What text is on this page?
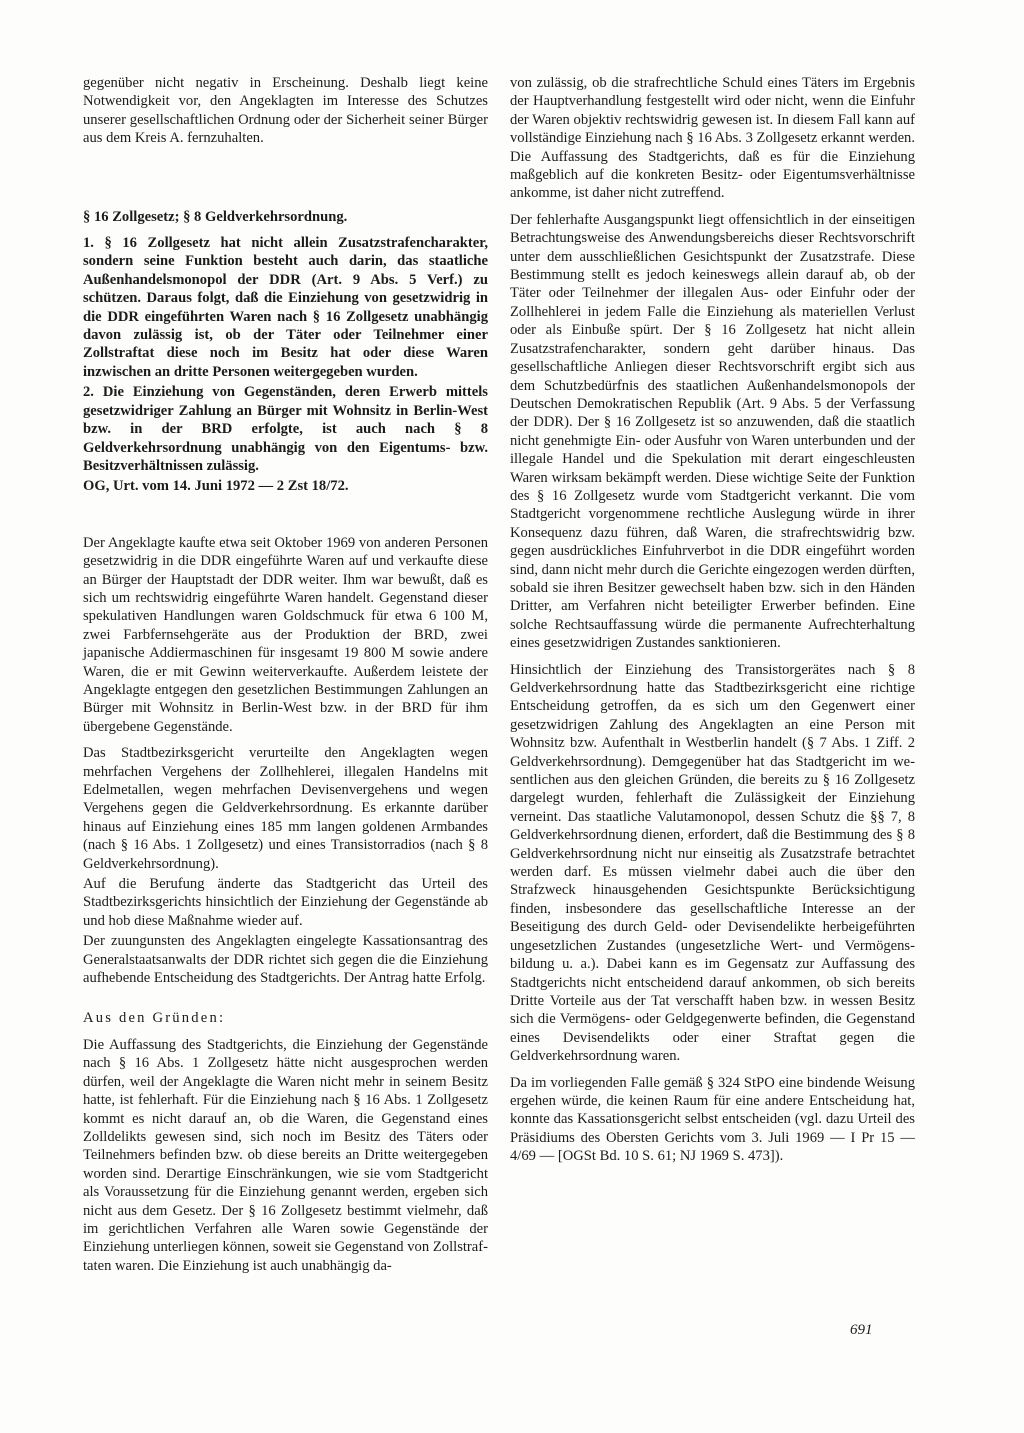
gegenüber nicht negativ in Erscheinung. Deshalb liegt keine Notwendigkeit vor, den Angeklagten im Interesse des Schutzes unserer gesellschaftlichen Ordnung oder der Sicherheit seiner Bürger aus dem Kreis A. fernzuhalten.

§ 16 Zollgesetz; § 8 Geldverkehrsordnung.

1. § 16 Zollgesetz hat nicht allein Zusatzstrafencharakter, sondern seine Funktion besteht auch darin, das staatliche Außenhandelsmonopol der DDR (Art. 9 Abs. 5 Verf.) zu schützen. Daraus folgt, daß die Einziehung von gesetzwidrig in die DDR eingeführten Waren nach § 16 Zollgesetz unabhängig davon zulässig ist, ob der Täter oder Teilnehmer einer Zollstraftat diese noch im Besitz hat oder diese Waren inzwischen an dritte Personen weitergegeben wurden.

2. Die Einziehung von Gegenständen, deren Erwerb mittels gesetzwidriger Zahlung an Bürger mit Wohnsitz in Berlin-West bzw. in der BRD erfolgte, ist auch nach § 8 Geldverkehrsordnung unabhängig von den Eigentums- bzw. Besitzverhältnissen zulässig.

OG, Urt. vom 14. Juni 1972 — 2 Zst 18/72.

Der Angeklagte kaufte etwa seit Oktober 1969 von anderen Personen gesetzwidrig in die DDR eingeführte Waren auf und verkaufte diese an Bürger der Hauptstadt der DDR weiter. Ihm war bewußt, daß es sich um rechtswidrig eingeführte Waren handelt. Gegenstand dieser spekulativen Handlungen waren Goldschmuck für etwa 6 100 M, zwei Farbfernsehgeräte aus der Produktion der BRD, zwei japanische Addiermaschinen für insgesamt 19 800 M sowie andere Waren, die er mit Gewinn weiterverkaufte. Außerdem leistete der Angeklagte entgegen den gesetzlichen Bestimmungen Zahlungen an Bürger mit Wohnsitz in Berlin-West bzw. in der BRD für ihm übergebene Gegenstände.

Das Stadtbezirksgericht verurteilte den Angeklagten wegen mehrfachen Vergehens der Zollhehlerei, illegalen Handelns mit Edelmetallen, wegen mehrfachen Devisenvergehens und wegen Vergehens gegen die Geldverkehrsordnung. Es erkannte darüber hinaus auf Einziehung eines 185 mm langen goldenen Armbandes (nach § 16 Abs. 1 Zollgesetz) und eines Transistorradios (nach § 8 Geldverkehrsordnung).

Auf die Berufung änderte das Stadtgericht das Urteil des Stadtbezirksgerichts hinsichtlich der Einziehung der Gegenstände ab und hob diese Maßnahme wieder auf.

Der zuungunsten des Angeklagten eingelegte Kassationsantrag des Generalstaatsanwalts der DDR richtet sich gegen die die Einziehung aufhebende Entscheidung des Stadtgerichts. Der Antrag hatte Erfolg.

Aus den Gründen:

Die Auffassung des Stadtgerichts, die Einziehung der Gegenstände nach § 16 Abs. 1 Zollgesetz hätte nicht ausgesprochen werden dürfen, weil der Angeklagte die Waren nicht mehr in seinem Besitz hatte, ist fehlerhaft. Für die Einziehung nach § 16 Abs. 1 Zollgesetz kommt es nicht darauf an, ob die Waren, die Gegenstand eines Zolldelikts gewesen sind, sich noch im Besitz des Täters oder Teilnehmers befinden bzw. ob diese bereits an Dritte weitergegeben worden sind. Derartige Einschränkungen, wie sie vom Stadtgericht als Voraussetzung für die Einziehung genannt werden, ergeben sich nicht aus dem Gesetz. Der § 16 Zollgesetz bestimmt vielmehr, daß im gerichtlichen Verfahren alle Waren sowie Gegenstände der Einziehung unterliegen können, soweit sie Gegenstand von Zollstraftaten waren. Die Einziehung ist auch unabhängig da-

von zulässig, ob die strafrechtliche Schuld eines Täters im Ergebnis der Hauptverhandlung festgestellt wird oder nicht, wenn die Einfuhr der Waren objektiv rechtswidrig gewesen ist. In diesem Fall kann auf vollständige Einziehung nach § 16 Abs. 3 Zollgesetz erkannt werden. Die Auffassung des Stadtgerichts, daß es für die Einziehung maßgeblich auf die konkreten Besitz- oder Eigentumsverhältnisse ankomme, ist daher nicht zutreffend.

Der fehlerhafte Ausgangspunkt liegt offensichtlich in der einseitigen Betrachtungsweise des Anwendungsbereichs dieser Rechtsvorschrift unter dem ausschließlichen Gesichtspunkt der Zusatzstrafe. Diese Bestimmung stellt es jedoch keineswegs allein darauf ab, ob der Täter oder Teilnehmer der illegalen Aus- oder Einfuhr oder der Zollhehlerei in jedem Falle die Einziehung als materiellen Verlust oder als Einbuße spürt. Der § 16 Zollgesetz hat nicht allein Zusatzstrafencharakter, sondern geht darüber hinaus. Das gesellschaftliche Anliegen dieser Rechtsvorschrift ergibt sich aus dem Schutzbedürfnis des staatlichen Außenhandelsmonopols der Deutschen Demokratischen Republik (Art. 9 Abs. 5 der Verfassung der DDR). Der § 16 Zollgesetz ist so anzuwenden, daß die staatlich nicht genehmigte Ein- oder Ausfuhr von Waren unterbunden und der illegale Handel und die Spekulation mit derart eingeschleusten Waren wirksam bekämpft werden. Diese wichtige Seite der Funktion des § 16 Zollgesetz wurde vom Stadtgericht verkannt. Die vom Stadtgericht vorgenommene rechtliche Auslegung würde in ihrer Konsequenz dazu führen, daß Waren, die strafrechtswidrig bzw. gegen ausdrückliches Einfuhrverbot in die DDR eingeführt worden sind, dann nicht mehr durch die Gerichte eingezogen werden dürften, sobald sie ihren Besitzer gewechselt haben bzw. sich in den Händen Dritter, am Verfahren nicht beteiligter Erwerber befinden. Eine solche Rechtsauffassung würde die permanente Aufrechterhaltung eines gesetzwidrigen Zustandes sanktionieren.

Hinsichtlich der Einziehung des Transistorgerätes nach § 8 Geldverkehrsordnung hatte das Stadtbezirksgericht eine richtige Entscheidung getroffen, da es sich um den Gegenwert einer gesetzwidrigen Zahlung des Angeklagten an eine Person mit Wohnsitz bzw. Aufenthalt in Westberlin handelt (§ 7 Abs. 1 Ziff. 2 Geldverkehrsordnung). Demgegenüber hat das Stadtgericht im wesentlichen aus den gleichen Gründen, die bereits zu § 16 Zollgesetz dargelegt wurden, fehlerhaft die Zulässigkeit der Einziehung verneint. Das staatliche Valutamonopol, dessen Schutz die §§ 7, 8 Geldverkehrsordnung dienen, erfordert, daß die Bestimmung des § 8 Geldverkehrsordnung nicht nur einseitig als Zusatzstrafe betrachtet werden darf. Es müssen vielmehr dabei auch die über den Strafzweck hinausgehenden Gesichtspunkte Berücksichtigung finden, insbesondere das gesellschaftliche Interesse an der Beseitigung des durch Geld- oder Devisendelikte herbeigeführten ungesetzlichen Zustandes (ungesetzliche Wert- und Vermögensbildung u. a.). Dabei kann es im Gegensatz zur Auffassung des Stadtgerichts nicht entscheidend darauf ankommen, ob sich bereits Dritte Vorteile aus der Tat verschafft haben bzw. in wessen Besitz sich die Vermögens- oder Geldgegenwerte befinden, die Gegenstand eines Devisendelikts oder einer Straftat gegen die Geldverkehrsordnung waren.

Da im vorliegenden Falle gemäß § 324 StPO eine bindende Weisung ergehen würde, die keinen Raum für eine andere Entscheidung hat, konnte das Kassationsgericht selbst entscheiden (vgl. dazu Urteil des Präsidiums des Obersten Gerichts vom 3. Juli 1969 — I Pr 15 — 4/69 — [OGSt Bd. 10 S. 61; NJ 1969 S. 473]).

691
